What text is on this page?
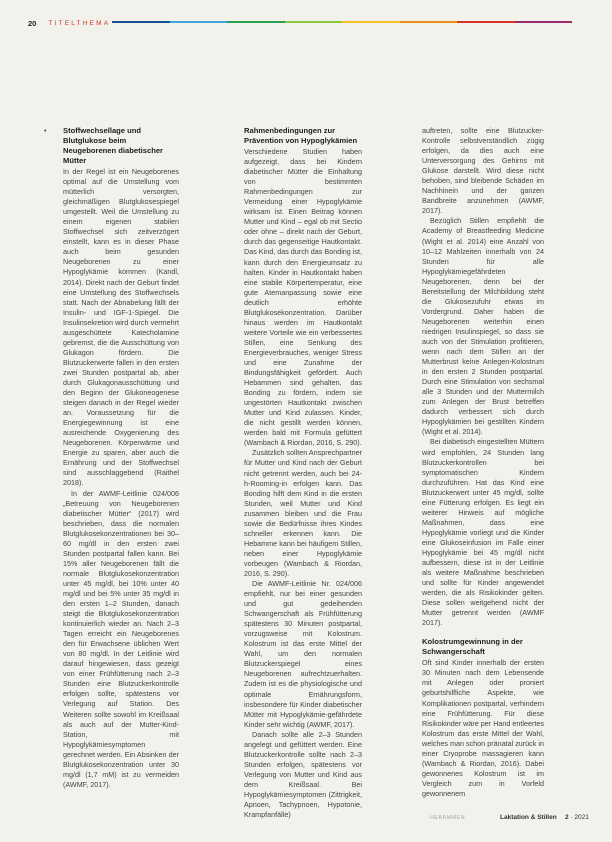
20 TITELTHEMA
• Stoffwechsellage und Blutglukose beim Neugeborenen diabetischer Mütter

In der Regel ist ein Neugeborenes optimal auf die Umstellung vom mütterlich versorgten, gleichmäßigen Blutglukosespiegel umgestellt. Weil die Umstellung zu einem eigenen stabilen Stoffwechsel sich zeitverzögert einstellt, kann es in dieser Phase auch beim gesunden Neugeborenen zu einer Hypoglykämie kommen (Kandl, 2014). Direkt nach der Geburt findet eine Umstellung des Stoffwechsels statt. Nach der Abnabelung fällt der Insulin- und IGF-1-Spiegel. Die Insulinsekretion wird durch vermehrt ausgeschüttete Katecholamine gebremst, die die Ausschüttung von Glukagon fördern. Die Blutzuckerwerte fallen in den ersten zwei Stunden postpartal ab, aber durch Glukagonausschüttung und den Beginn der Glukoneogenese steigen danach in der Regel wieder an. Voraussetzung für die Energiegewinnung ist eine ausreichende Oxygenierung des Neugeborenen. Körperwärme und Energie zu sparen, aber auch die Ernährung und der Stoffwechsel sind ausschlaggebend (Raithel 2018).

In der AWMF-Leitlinie 024/006 „Betreuung von Neugeborenen diabetischer Mütter“ (2017) wird beschrieben, dass die normalen Blutglukosekonzentrationen bei 30–60 mg/dl in den ersten zwei Stunden postpartal fallen kann. Bei 15% aller Neugeborenen fällt die normale Blutglukosekonzentration unter 45 mg/dl, bei 10% unter 40 mg/dl und bei 5% unter 35 mg/dl in den ersten 1–2 Stunden, danach steigt die Blutglukosekonzentration kontinuierlich wieder an. Nach 2–3 Tagen erreicht ein Neugeborenes den für Erwachsene üblichen Wert von 80 mg/dl. In der Leitlinie wird darauf hingewiesen, dass gezeigt von einer Frühfütterung nach 2–3 Stunden eine Blutzuckerkontrolle erfolgen sollte, spätestens vor Verlegung auf Station. Des Weiteren sollte sowohl im Kreißsaal als auch auf der Mutter-Kind-Station, mit Hypoglykämiesymptomen gerechnet werden. Ein Absinken der Blutglukosekonzentration unter 30 mg/dl (1,7 mM) ist zu vermeiden (AWMF, 2017).

Rahmenbedingungen zur Prävention von Hypoglykämien

Verschiedene Studien haben aufgezeigt, dass bei Kindern diabetischer Mütter die Einhaltung von bestimmten Rahmenbedingungen zur Vermeidung einer Hypoglykämie wirksam ist. Einen Beitrag können Mutter und Kind – egal ob mit Sectio oder ohne – direkt nach der Geburt, durch das gegenseitige Hautkontakt. Das Kind, das durch das Bonding ist, kann durch den Energieumsatz zu halten. Kinder in Hautkontakt haben eine stabile Körpertemperatur, eine gute Atemanpassung sowie eine deutlich erhöhte Blutglukosekonzentration. Darüber hinaus werden im Hautkontakt weitere Vorteile wie ein verbessertes Stillen, eine Senkung des Energieverbrauches, weniger Stress und eine Zunahme der Bindungsfähigkeit gefördert. Auch Hebammen sind gehalten, das Bonding zu fördern, indem sie ungestörten Hautkontakt zwischen Mutter und Kind zulassen. Kinder, die nicht gestillt werden können, werden bald mit Formula gefüttert (Wambach & Riordan, 2016, S. 290).

Zusätzlich sollten Ansprechpartner für Mutter und Kind nach der Geburt nicht getrennt werden, auch bei 24-h-Rooming-in erfolgen kann. Das Bonding hilft dem Kind in die ersten Stunden, weil Mutter und Kind zusammen bleiben und die Frau sowie die Bedürfnisse ihres Kindes schneller erkennen kann. Die Hebamme kann bei häufigem Stillen, neben einer Hypoglykämie vorbeugen (Wambach & Riordan, 2016, S. 290).

Die AWMF-Leitlinie Nr. 024/006 empfiehlt, nur bei einer gesunden und gut gedeihenden Schwangerschaft als Frühfütterung spätestens 30 Minuten postpartal, vorzugsweise mit Kolostrum. Kolostrum ist das erste Mittel der Wahl, um den normalen Blutzuckerspiegel eines Neugeborenen aufrechtzuerhalten. Zudem ist es die physiologische und optimale Ernährungsform, insbesondere für Kinder diabetischer Mütter mit Hypoglykämie-gefährdete Kinder sehr wichtig (AWMF, 2017).

Danach sollte alle 2–3 Stunden angelegt und gefüttert werden. Eine Blutzuckerkontrolle sollte nach 2–3 Stunden erfolgen, spätestens vor Verlegung von Mutter und Kind aus dem Kreißsaal. Bei Hypoglykämiesymptomen (Zittrigkeit, Apnoen, Tachypnoen, Hypotonie, Krampfanfälle)

auftreten, sollte eine Blutzucker-Kontrolle selbstverständlich zügig erfolgen, da dies auch eine Unterversorgung des Gehirns mit Glukose darstellt. Wird diese nicht behoben, sind bleibende Schäden im Nachhinein und der ganzen Bandbreite anzunehmen (AWMF, 2017).

Bezüglich Stillen empfiehlt die Academy of Breastfeeding Medicine (Wight et al. 2014) eine Anzahl von 10–12 Mahlzeiten innerhalb von 24 Stunden für alle Hypoglykämiegefährdeten Neugeborenen, denn bei der Bereitstellung der Milchbildung steht die Glukosezufuhr etwas im Vordergrund. Daher haben die Neugeborenen weiterhin einen niedrigen Insulinspiegel, so dass sie auch von der Stimulation profitieren, wenn nach dem Stillen an der Mutterbrust keine Anlegen-Kolostrum in den ersten 2 Stunden postpartal. Durch eine Stimulation von sechsmal alle 3 Stunden und der Muttermilch zum Anlegen der Brust betreffen dadurch verbessert sich durch Hypoglykämien bei gestillten Kindern (Wight et al. 2014).

Bei diabetisch eingestellten Müttern wird empfohlen, 24 Stunden lang Blutzuckerkontrollen bei symptomatischen Kindern durchzuführen. Hat das Kind eine Blutzuckerwert unter 45 mg/dl, sollte eine Fütterung erfolgen. Es liegt ein weiterer Hinweis auf mögliche Maßnahmen, dass eine Hypoglykämie vorliegt und die Kinder eine Glukoseinfusion im Falle einer Hypoglykämie bei 45 mg/dl nicht aufbessern, diese ist in der Leitlinie als weitere Maßnahme beschrieben und sollte für Kinder angewendet werden, die als Risikokinder gelten. Diese sollen weitgehend nicht der Mutter getrennt werden (AWMF 2017).

Kolostrumgewinnung in der Schwangerschaft

Oft sind Kinder innerhalb der ersten 30 Minuten nach dem Lebensende mit Anlegen oder proniert geburtshilfliche Aspekte, wie Komplikationen postpartal, verhindern eine Frühfütterung. Für diese Risikokinder wäre per Hand entleertes Kolostrum das erste Mittel der Wahl, welches man schon pränatal zurück in einer Cryoprobe massagieren kann (Wambach & Riordan, 2016). Dabei gewonnenes Kolostrum ist im Vergleich zum in Vorfeld gewonnenem

HEBAMMEN	Laktation & Stillen 2 · 2021
